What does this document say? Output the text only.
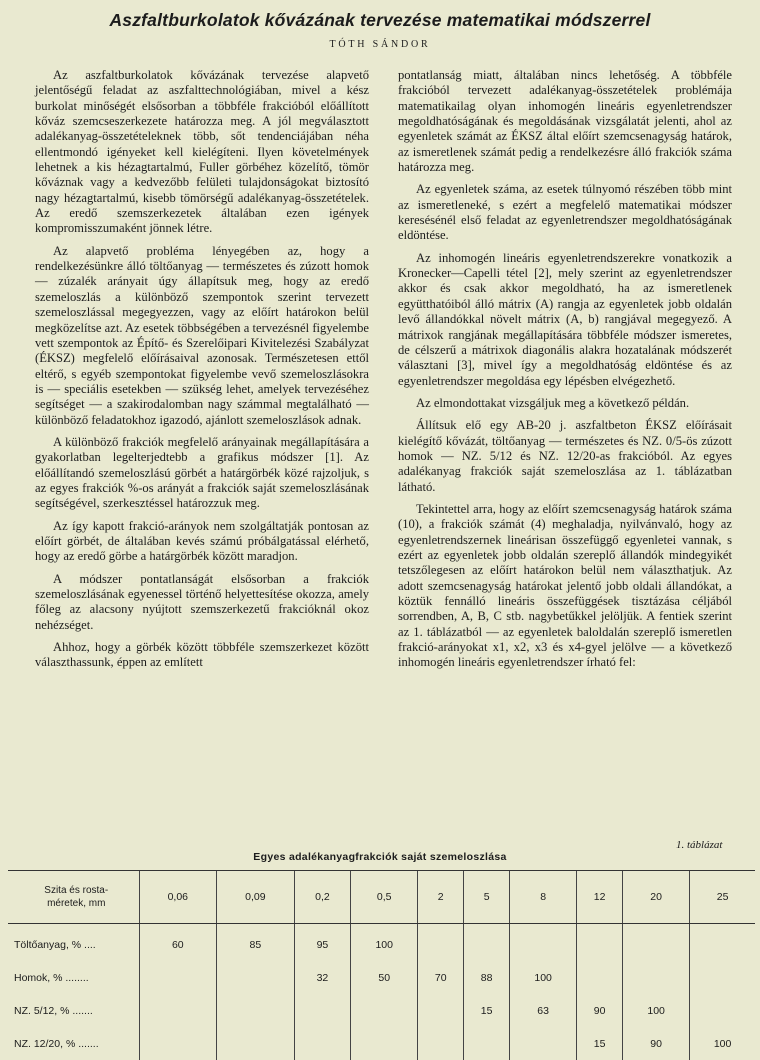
Aszfaltburkolatok kővázának tervezése matematikai módszerrel
TÓTH SÁNDOR

Az aszfaltburkolatok kővázának tervezése alapvető jelentőségű feladat az aszfalttechnológiában, mivel a kész burkolat minőségét elsősorban a többféle frakcióból előállított kőváz szemcseszerkezete határozza meg. A jól megválasztott adalékanyag-összetételeknek több, sőt tendenciájában néha ellentmondó igényeket kell kielégíteni. Ilyen követelmények lehetnek a kis hézagtartalmú, Fuller görbéhez közelítő, tömör kőváznak vagy a kedvezőbb felületi tulajdonságokat biztosító nagy hézagtartalmú, kisebb tömörségű adalékanyag-összetételek. Az eredő szemszerkezetek általában ezen igények kompromisszumaként jönnek létre.

Az alapvető probléma lényegében az, hogy a rendelkezésünkre álló töltőanyag — természetes és zúzott homok — zúzalék arányait úgy állapítsuk meg, hogy az eredő szemeloszlás a különböző szempontok szerint tervezett szemeloszlással megegyezzen, vagy az előírt határokon belül megközelítse azt. Az esetek többségében a tervezésnél figyelembe vett szempontok az Építő- és Szerelőipari Kivitelezési Szabályzat (ÉKSZ) megfelelő előírásaival azonosak. Természetesen ettől eltérő, s egyéb szempontokat figyelembe vevő szemeloszlásokra is — speciális esetekben — szükség lehet, amelyek tervezéséhez segítséget — a szakirodalomban nagy számmal megtalálható — különböző feladatokhoz igazodó, ajánlott szemeloszlások adnak.

A különböző frakciók megfelelő arányainak megállapítására a gyakorlatban legelterjedtebb a grafikus módszer [1]. Az előállítandó szemeloszlású görbét a határgörbék közé rajzoljuk, s az egyes frakciók %-os arányát a frakciók saját szemeloszlásának segítségével, szerkesztéssel határozzuk meg.

Az így kapott frakció-arányok nem szolgáltatják pontosan az előírt görbét, de általában kevés számú próbálgatással elérhető, hogy az eredő görbe a határgörbék között maradjon.

A módszer pontatlanságát elsősorban a frakciók szemeloszlásának egyenessel történő helyettesítése okozza, amely főleg az alacsony nyújtott szemszerkezetű frakcióknál okoz nehézséget.

Ahhoz, hogy a görbék között többféle szemszerkezet között választhassunk, éppen az említett

pontatlanság miatt, általában nincs lehetőség. A többféle frakcióból tervezett adalékanyag-összetételek problémája matematikailag olyan inhomogén lineáris egyenletrendszer megoldhatóságának és megoldásának vizsgálatát jelenti, ahol az egyenletek számát az ÉKSZ által előírt szemcsenagyság határok, az ismeretlenek számát pedig a rendelkezésre álló frakciók száma határozza meg.

Az egyenletek száma, az esetek túlnyomó részében több mint az ismeretleneké, s ezért a megfelelő matematikai módszer keresésénél első feladat az egyenletrendszer megoldhatóságának eldöntése.

Az inhomogén lineáris egyenletrendszerekre vonatkozik a Kronecker—Capelli tétel [2], mely szerint az egyenletrendszer akkor és csak akkor megoldható, ha az ismeretlenek együtthatóiból álló mátrix (A) rangja az egyenletek jobb oldalán levő állandókkal növelt mátrix (A, b) rangjával megegyező. A mátrixok rangjának megállapítására többféle módszer ismeretes, de célszerű a mátrixok diagonális alakra hozatalának módszerét választani [3], mivel így a megoldhatóság eldöntése és az egyenletrendszer megoldása egy lépésben elvégezhető.

Az elmondottakat vizsgáljuk meg a következő példán.

Állítsuk elő egy AB-20 j. aszfaltbeton ÉKSZ előírásait kielégítő kővázát, töltőanyag — természetes és NZ. 0/5-ös zúzott homok — NZ. 5/12 és NZ. 12/20-as frakcióból. Az egyes adalékanyag frakciók saját szemeloszlása az 1. táblázatban látható.

Tekintettel arra, hogy az előírt szemcsenagyság határok száma (10), a frakciók számát (4) meghaladja, nyilvánvaló, hogy az egyenletrendszernek lineárisan összefüggő egyenletei vannak, s ezért az egyenletek jobb oldalán szereplő állandók mindegyikét tetszőlegesen az előírt határokon belül nem választhatjuk. Az adott szemcsenagyság határokat jelentő jobb oldali állandókat, a köztük fennálló lineáris összefüggések tisztázása céljából sorrendben, A, B, C stb. nagybetűkkel jelöljük. A fentiek szerint az 1. táblázatból — az egyenletek baloldalán szereplő ismeretlen frakció-arányokat x1, x2, x3 és x4-gyel jelölve — a következő inhomogén lineáris egyenletrendszer írható fel:

1. táblázat
Egyes adalékanyagfrakciók saját szemeloszlása
Szita és rosta-
méretek, mm	0,06	0,09	0,2	0,5	2	5	8	12	20	25
Töltőanyag, % ....	60	85	95	100						
Homok, % ........			32	50	70	88	100			
NZ. 5/12, % .......						15	63	90	100	
NZ. 12/20, % .......								15	90	100
